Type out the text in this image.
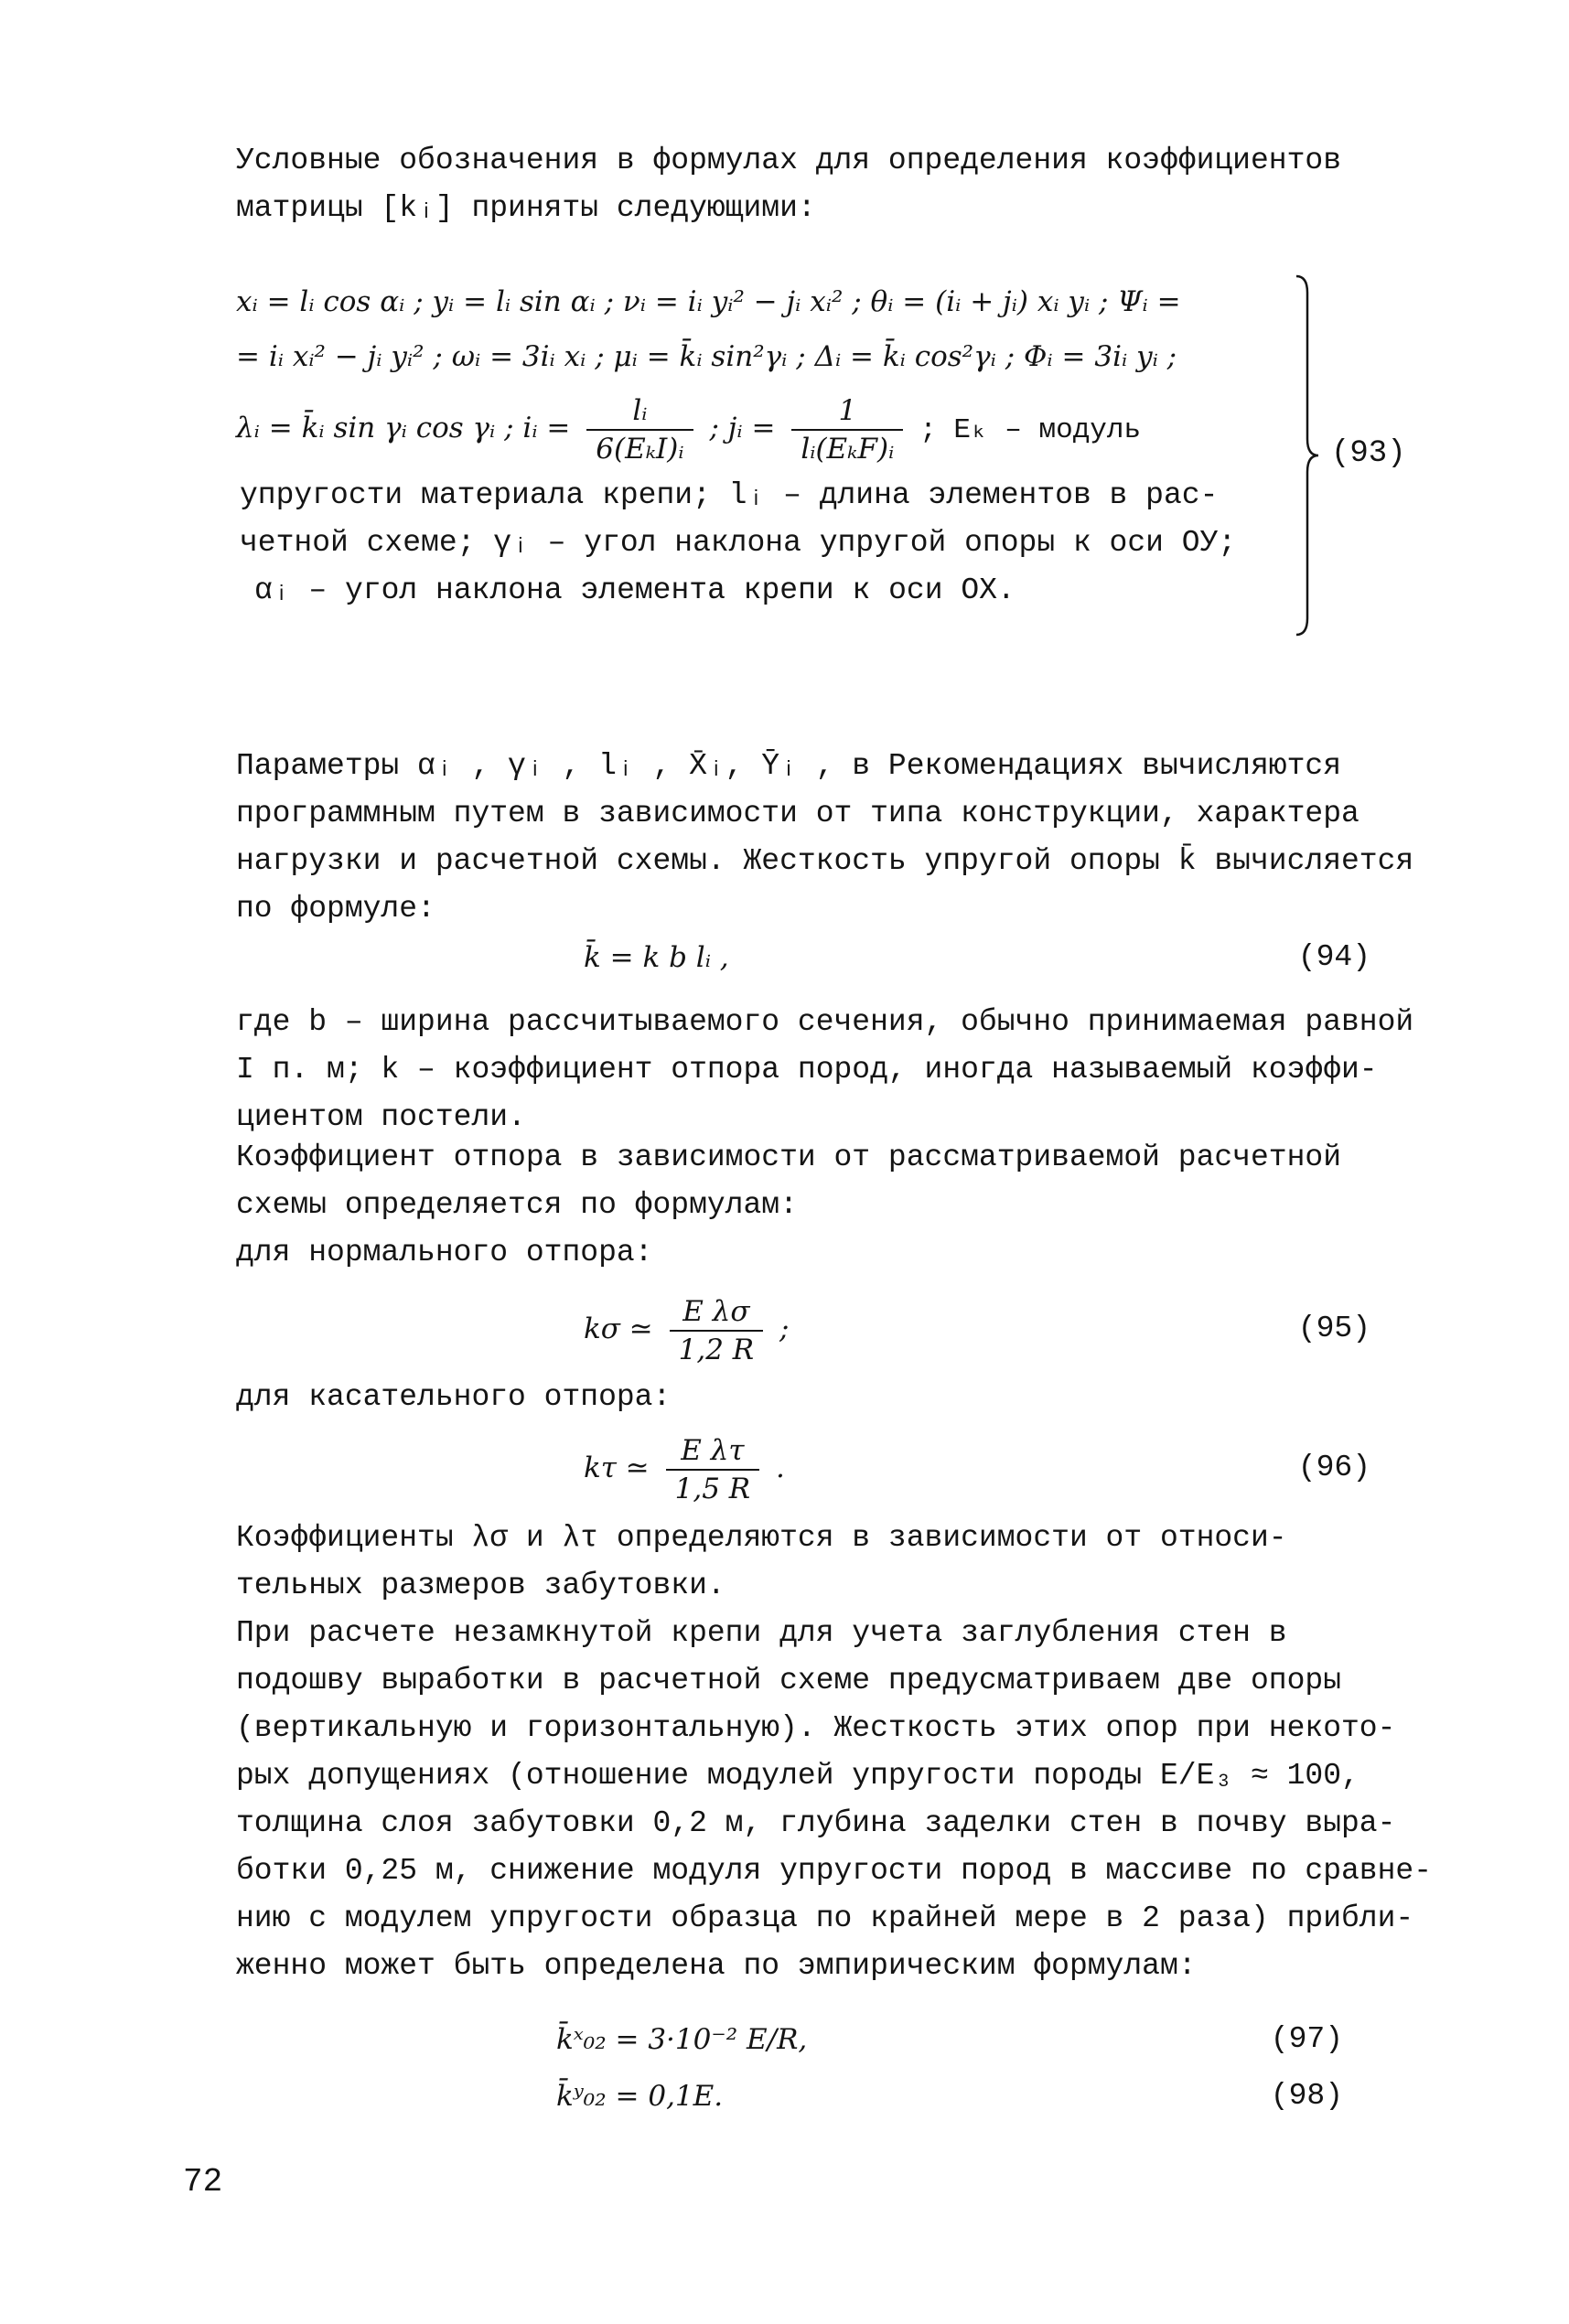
Условные обозначения в формулах для определения коэффициентов
матрицы [kᵢ] приняты следующими:
xᵢ = lᵢ cos αᵢ ; yᵢ = lᵢ sin αᵢ ; νᵢ = iᵢ yᵢ² − jᵢ xᵢ² ; θᵢ = (iᵢ + jᵢ) xᵢ yᵢ ; Ψᵢ =
= iᵢ xᵢ² − jᵢ yᵢ² ; ωᵢ = 3iᵢ xᵢ ; μᵢ = k̄ᵢ sin²γᵢ ; Δᵢ = k̄ᵢ cos²γᵢ ; Φᵢ = 3iᵢ yᵢ ;
λᵢ = k̄ᵢ sin γᵢ cos γᵢ ; iᵢ = $\frac{\text{lᵢ}}{\text{6(EₖI)ᵢ}}$ ; jᵢ = $\frac{1}{\text{lᵢ(EₖF)ᵢ}}$ ; Eₖ – модуль
упругости материала крепи; lᵢ – длина элементов в рас-
четной схеме; γᵢ – угол наклона упругой опоры к оси ОУ;
αᵢ – угол наклона элемента крепи к оси ОХ.
(93)
Параметры αᵢ , γᵢ , lᵢ , X̄ᵢ, Ȳᵢ , в Рекомендациях вычисляются
программным путем в зависимости от типа конструкции, характера
нагрузки и расчетной схемы. Жесткость упругой опоры k̄ вычисляется
по формуле:
k̄ = k b lᵢ ,	(94)
где b – ширина рассчитываемого сечения, обычно принимаемая равной
I п. м; k – коэффициент отпора пород, иногда называемый коэффи-
циентом постели.
Коэффициент отпора в зависимости от рассматриваемой расчетной
схемы определяется по формулам:
для нормального отпора:
kσ ≃ $\frac{\text{E λσ}}{1,2 R}$ ;	(95)
для касательного отпора:
kτ ≃ $\frac{\text{E λτ}}{1,5 R}$ .	(96)
Коэффициенты λσ и λτ определяются в зависимости от относи-
тельных размеров забутовки.
При расчете незамкнутой крепи для учета заглубления стен в
подошву выработки в расчетной схеме предусматриваем две опоры
(вертикальную и горизонтальную). Жесткость этих опор при некото-
рых допущениях (отношение модулей упругости породы E/E₃ ≈ 100,
толщина слоя забутовки 0,2 м, глубина заделки стен в почву выра-
ботки 0,25 м, снижение модуля упругости пород в массиве по сравне-
нию с модулем упругости образца по крайней мере в 2 раза) прибли-
женно может быть определена по эмпирическим формулам:
k̄ˣ₀₂ = 3·10⁻² E/R,	(97)
k̄ʸ₀₂ = 0,1E.	(98)
72
